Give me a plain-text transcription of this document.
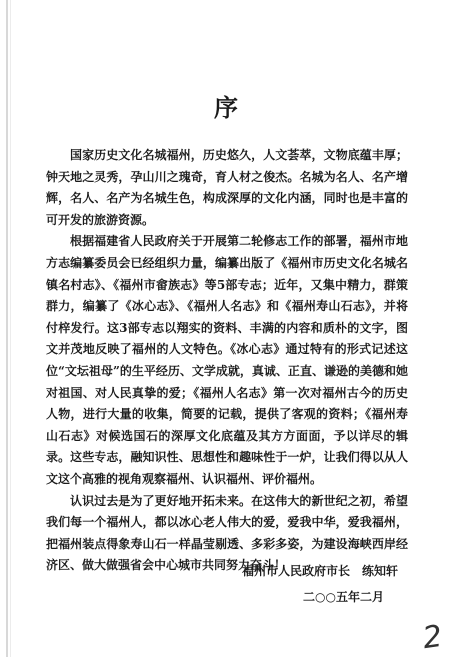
序

国家历史文化名城福州，历史悠久，人文荟萃，文物底蕴丰厚；钟天地之灵秀，孕山川之瑰奇，育人材之俊杰。名城为名人、名产增辉，名人、名产为名城生色，构成深厚的文化内涵，同时也是丰富的可开发的旅游资源。

根据福建省人民政府关于开展第二轮修志工作的部署，福州市地方志编纂委员会已经组织力量，编纂出版了《福州市历史文化名城名镇名村志》、《福州市畲族志》等5部专志；近年，又集中精力，群策群力，编纂了《冰心志》、《福州人名志》和《福州寿山石志》，并将付梓发行。这3部专志以翔实的资料、丰满的内容和质朴的文字，图文并茂地反映了福州的人文特色。《冰心志》通过特有的形式记述这位“文坛祖母”的生平经历、文学成就，真诚、正直、谦逊的美德和她对祖国、对人民真挚的爱；《福州人名志》第一次对福州古今的历史人物，进行大量的收集，简要的记载，提供了客观的资料；《福州寿山石志》对候选国石的深厚文化底蕴及其方方面面，予以详尽的辑录。这些专志，融知识性、思想性和趣味性于一炉，让我们得以从人文这个高雅的视角观察福州、认识福州、评价福州。

认识过去是为了更好地开拓未来。在这伟大的新世纪之初，希望我们每一个福州人，都以冰心老人伟大的爱，爱我中华，爱我福州，把福州装点得象寿山石一样晶莹剔透、多彩多姿，为建设海峡西岸经济区、做大做强省会中心城市共同努力奋斗！

福州市人民政府市长　练知轩
二○○五年二月
2
